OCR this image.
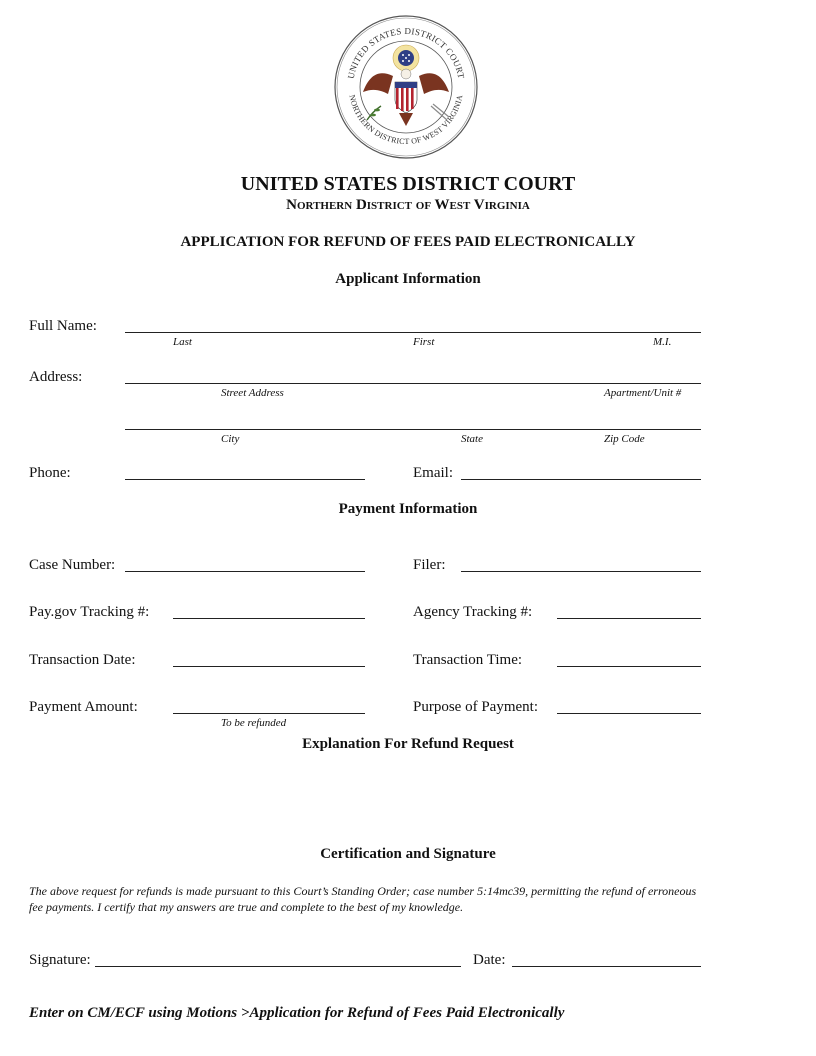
UNITED STATES DISTRICT COURT
NORTHERN DISTRICT OF WEST VIRGINIA
UNITED STATES DISTRICT COURT
Northern District of West Virginia
APPLICATION FOR REFUND OF FEES PAID ELECTRONICALLY
Applicant Information
Full Name:
Last	First	M.I.
Address:
Street Address	Apartment/Unit #
City	State	Zip Code
Phone:	Email:
Payment Information
Case Number:	Filer:
Pay.gov Tracking #:	Agency Tracking #:
Transaction Date:	Transaction Time:
Payment Amount:
To be refunded
Purpose of Payment:
Explanation For Refund Request
Certification and Signature
The above request for refunds is made pursuant to this Court’s Standing Order; case number 5:14mc39, permitting the refund of erroneous
fee payments. I certify that my answers are true and complete to the best of my knowledge.
Signature:	Date:
Enter on CM/ECF using Motions >Application for Refund of Fees Paid Electronically
